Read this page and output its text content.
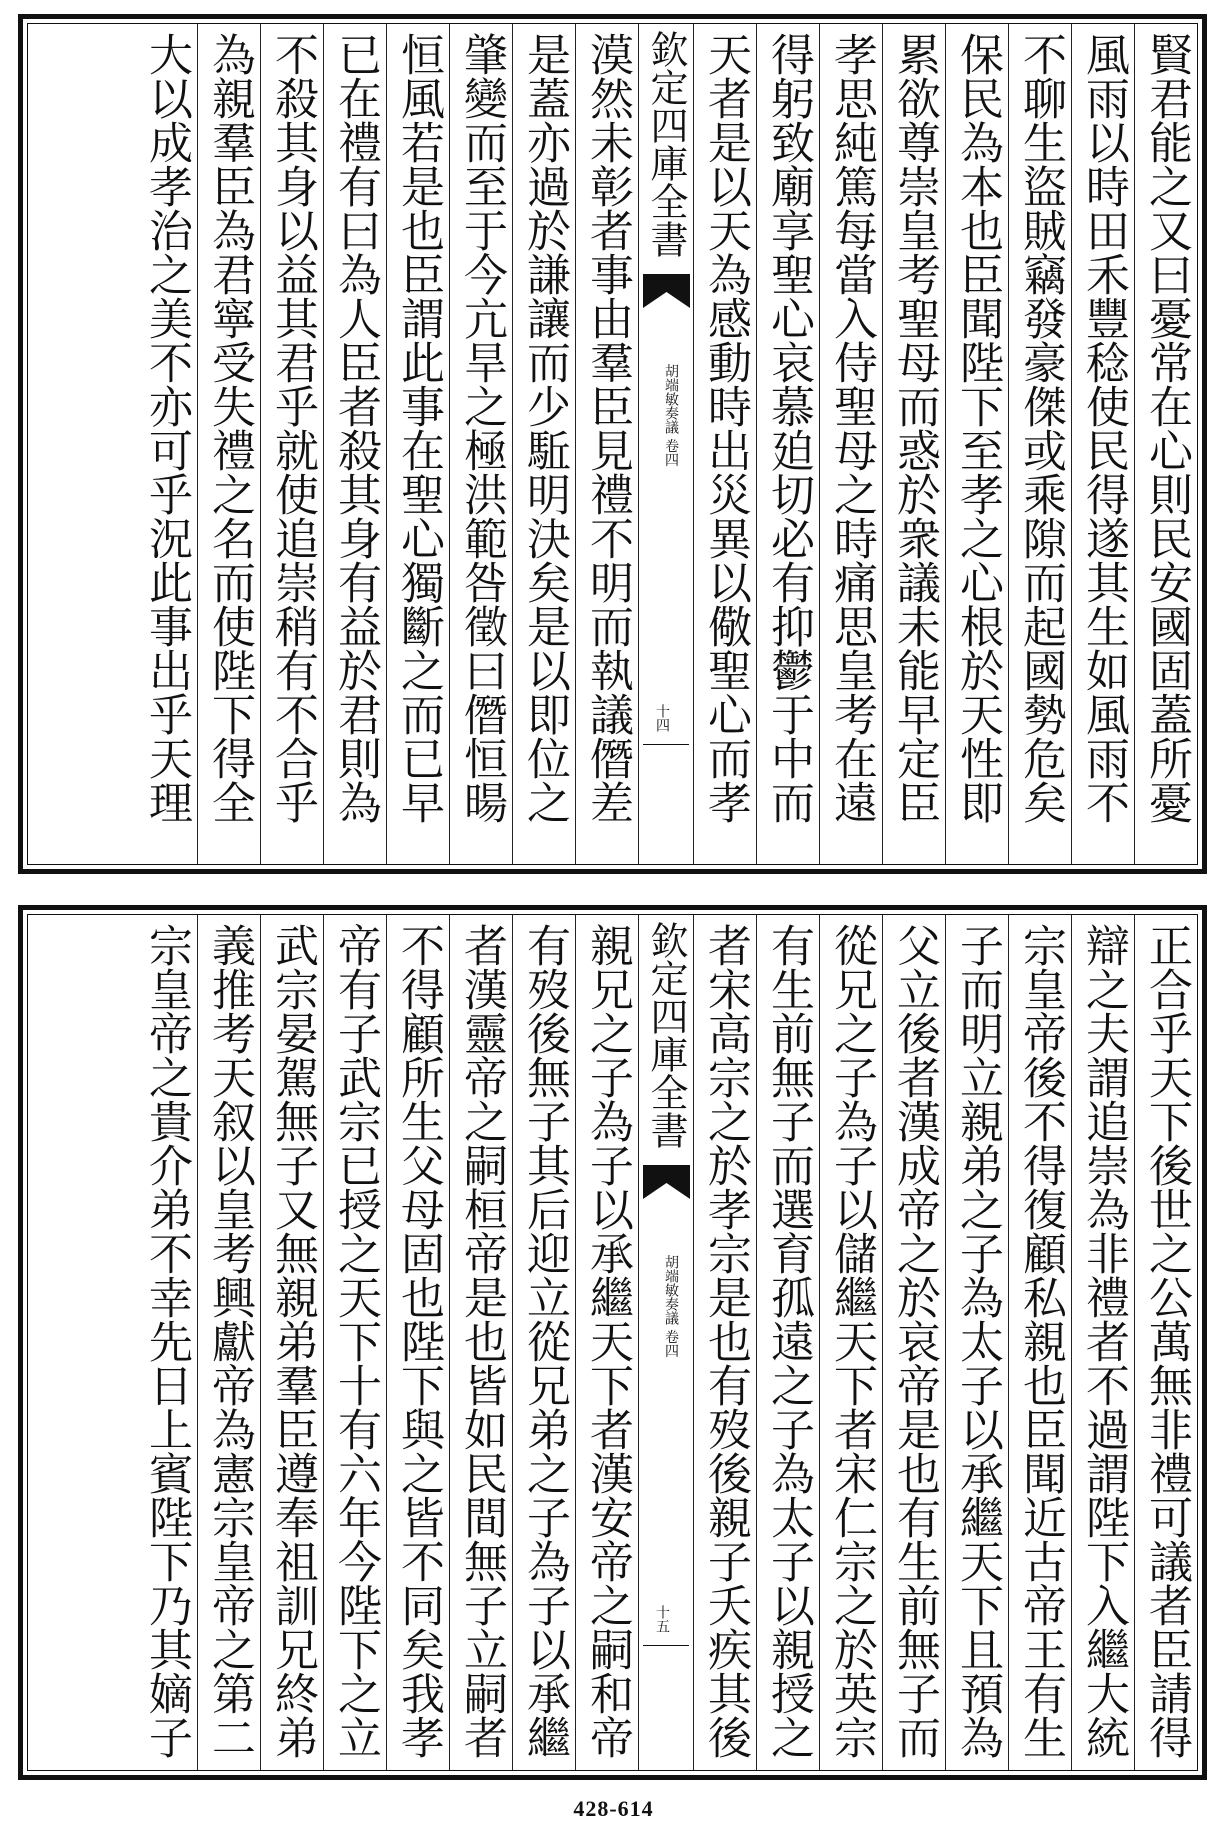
賢君能之又曰憂常在心則民安國固蓋所憂
風雨以時田禾豐稔使民得遂其生如風雨不
不聊生盜賊竊發豪傑或乘隙而起國勢危矣
保民為本也臣聞陛下至孝之心根於天性即
累欲尊崇皇考聖母而惑於衆議未能早定臣
孝思純篤每當入侍聖母之時痛思皇考在遠
得躬致廟享聖心哀慕廹切必有抑鬱于中而
天者是以天為感動時出災異以儆聖心而孝
欽定四庫全書
胡端敏奏議 卷四
十四
漠然未彰者事由羣臣見禮不明而執議僭差
是蓋亦過於謙讓而少駈明決矣是以即位之
肇變而至于今亢旱之極洪範咎徵曰僭恒暘
恒風若是也臣謂此事在聖心獨斷之而已早
已在禮有曰為人臣者殺其身有益於君則為
不殺其身以益其君乎就使追崇稍有不合乎
為親羣臣為君寧受失禮之名而使陛下得全
大以成孝治之美不亦可乎況此事出乎天理
正合乎天下後世之公萬無非禮可議者臣請得
辯之夫謂追崇為非禮者不過謂陛下入繼大統
宗皇帝後不得復顧私親也臣聞近古帝王有生
子而明立親弟之子為太子以承繼天下且預為
父立後者漢成帝之於哀帝是也有生前無子而
從兄之子為子以儲繼天下者宋仁宗之於英宗
有生前無子而選育孤遠之子為太子以親授之
者宋高宗之於孝宗是也有歿後親子夭疾其後
欽定四庫全書
胡端敏奏議 卷四
十五
親兄之子為子以承繼天下者漢安帝之嗣和帝
有歿後無子其后迎立從兄弟之子為子以承繼
者漢靈帝之嗣桓帝是也皆如民間無子立嗣者
不得顧所生父母固也陛下與之皆不同矣我孝
帝有子武宗已授之天下十有六年今陛下之立
武宗晏駕無子又無親弟羣臣遵奉祖訓兄終弟
義推考天叙以皇考興獻帝為憲宗皇帝之第二
宗皇帝之貴介弟不幸先日上賓陛下乃其嫡子
428-614
